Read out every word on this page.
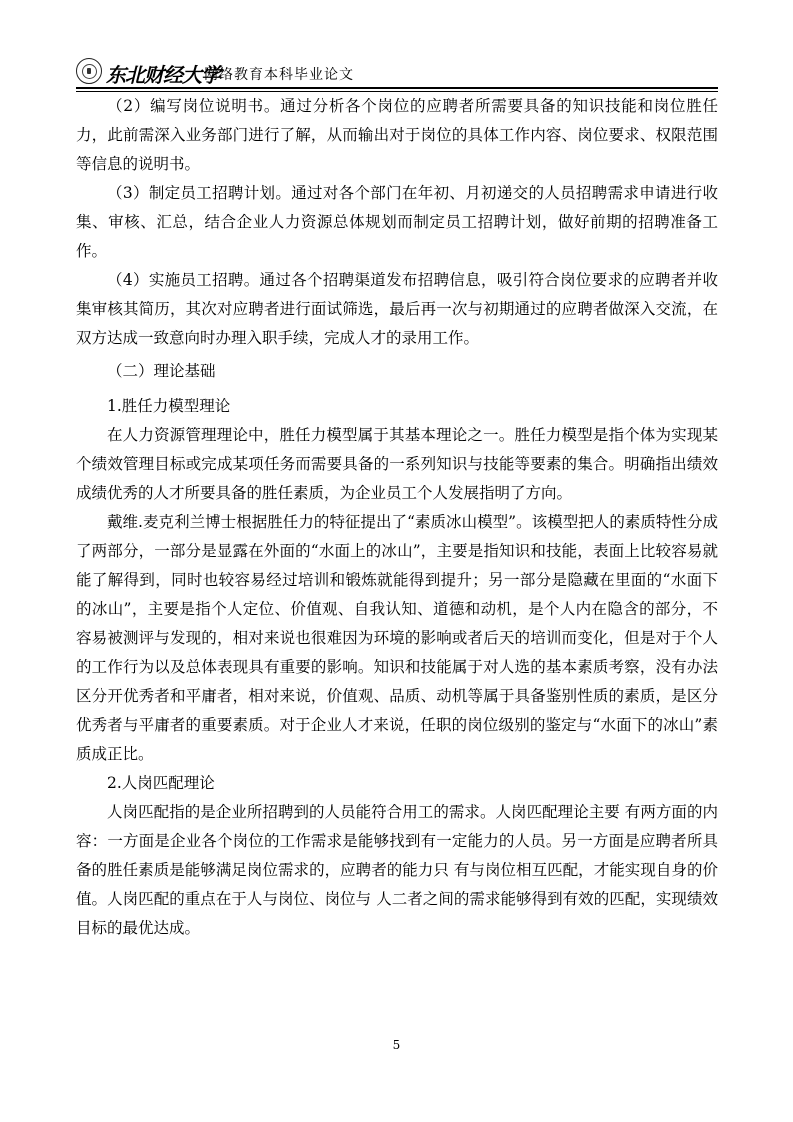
东北财经大学
网络教育本科毕业论文

（2）编写岗位说明书。通过分析各个岗位的应聘者所需要具备的知识技能和岗位胜任力，此前需深入业务部门进行了解，从而输出对于岗位的具体工作内容、岗位要求、权限范围等信息的说明书。

（3）制定员工招聘计划。通过对各个部门在年初、月初递交的人员招聘需求申请进行收集、审核、汇总，结合企业人力资源总体规划而制定员工招聘计划，做好前期的招聘准备工作。

（4）实施员工招聘。通过各个招聘渠道发布招聘信息，吸引符合岗位要求的应聘者并收集审核其简历，其次对应聘者进行面试筛选，最后再一次与初期通过的应聘者做深入交流，在双方达成一致意向时办理入职手续，完成人才的录用工作。

（二）理论基础

1.胜任力模型理论

在人力资源管理理论中，胜任力模型属于其基本理论之一。胜任力模型是指个体为实现某个绩效管理目标或完成某项任务而需要具备的一系列知识与技能等要素的集合。明确指出绩效成绩优秀的人才所要具备的胜任素质，为企业员工个人发展指明了方向。

戴维.麦克利兰博士根据胜任力的特征提出了“素质冰山模型”。该模型把人的素质特性分成了两部分，一部分是显露在外面的“水面上的冰山”，主要是指知识和技能，表面上比较容易就能了解得到，同时也较容易经过培训和锻炼就能得到提升；另一部分是隐藏在里面的“水面下的冰山”，主要是指个人定位、价值观、自我认知、道德和动机，是个人内在隐含的部分，不容易被测评与发现的，相对来说也很难因为环境的影响或者后天的培训而变化，但是对于个人的工作行为以及总体表现具有重要的影响。知识和技能属于对人选的基本素质考察，没有办法区分开优秀者和平庸者，相对来说，价值观、品质、动机等属于具备鉴别性质的素质，是区分优秀者与平庸者的重要素质。对于企业人才来说，任职的岗位级别的鉴定与“水面下的冰山”素质成正比。

2.人岗匹配理论

人岗匹配指的是企业所招聘到的人员能符合用工的需求。人岗匹配理论主要 有两方面的内容：一方面是企业各个岗位的工作需求是能够找到有一定能力的人员。另一方面是应聘者所具备的胜任素质是能够满足岗位需求的，应聘者的能力只 有与岗位相互匹配，才能实现自身的价值。人岗匹配的重点在于人与岗位、岗位与 人二者之间的需求能够得到有效的匹配，实现绩效目标的最优达成。

5
